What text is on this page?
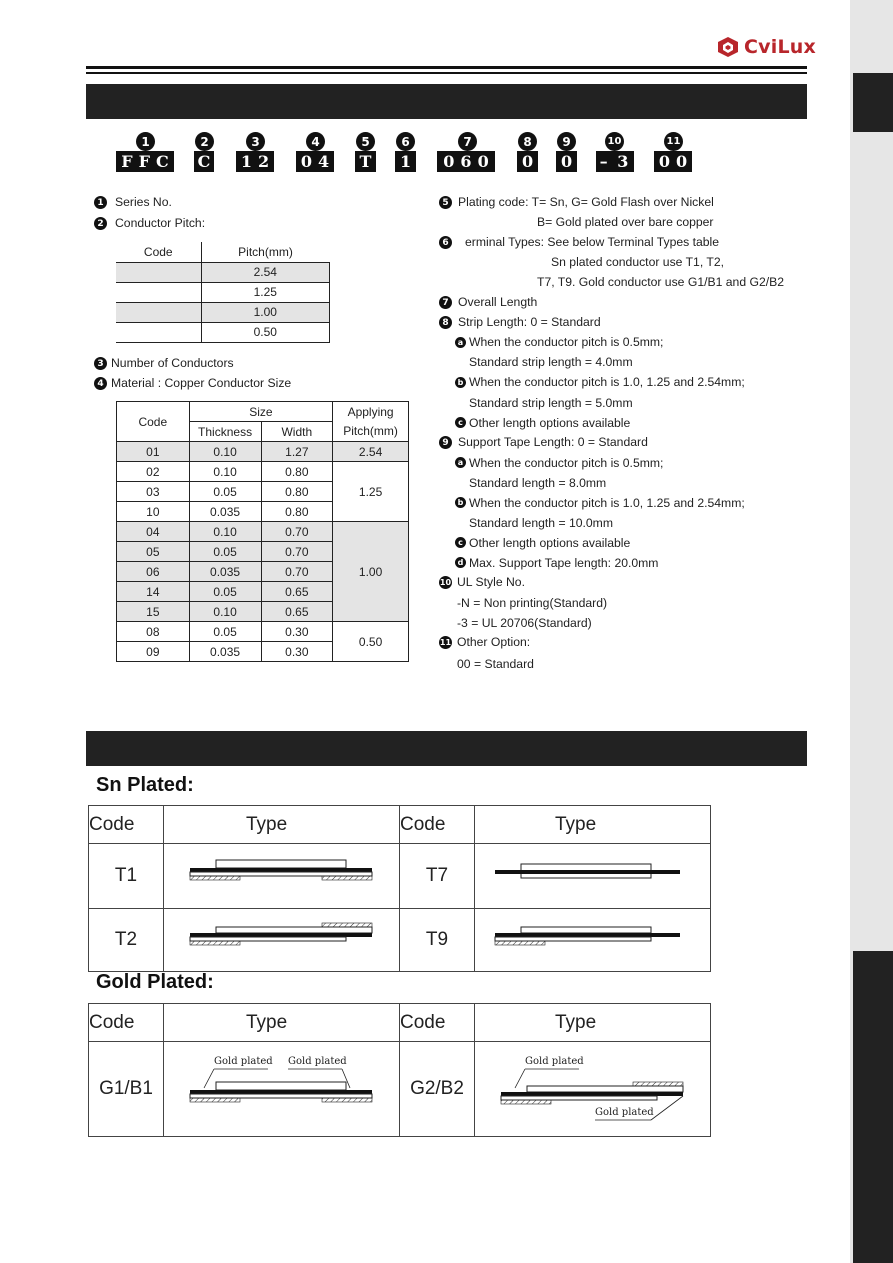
CviLux
1	2	3	4	5	6	7	8	9	10	11
FFC C	12	04 T	1	060	0	0 – 3	00
1 Series No.
2 Conductor Pitch:
Code	Pitch(mm)
	2.54
	1.25
	1.00
	0.50
3 Number of Conductors
4 Material : Copper Conductor Size
Code	Size		Applying
	Thickness	Width	Pitch(mm)
01	0.10	1.27	2.54
02	0.10	0.80	1.25
03	0.05	0.80	
10	0.035	0.80	
04	0.10	0.70	1.00
05	0.05	0.70	
06	0.035	0.70	
14	0.05	0.65	
15	0.10	0.65	
08	0.05	0.30	0.50
09	0.035	0.30	
5 Plating code: T= Sn, G= Gold Flash over Nickel
B= Gold plated over bare copper
6 erminal Types: See below Terminal Types table
Sn plated conductor use T1, T2,
T7, T9. Gold conductor use G1/B1 and G2/B2
7 Overall Length
8 Strip Length: 0 = Standard
a When the conductor pitch is 0.5mm;
Standard strip length = 4.0mm
b When the conductor pitch is 1.0, 1.25 and 2.54mm;
Standard strip length = 5.0mm
c Other length options available
9 Support Tape Length: 0 = Standard
a When the conductor pitch is 0.5mm;
Standard length = 8.0mm
b When the conductor pitch is 1.0, 1.25 and 2.54mm;
Standard length = 10.0mm
c Other length options available
d Max. Support Tape length: 20.0mm
10 UL Style No.
-N = Non printing(Standard)
-3 = UL 20706(Standard)
11 Other Option:
00 = Standard
Sn Plated:
Code	Type	Code	Type
T1		T7	
T2		T9	
Gold Plated:
Code	Type	Code	Type
G1/B1	Gold plated Gold plated	G2/B2	Gold plated
Gold plated
